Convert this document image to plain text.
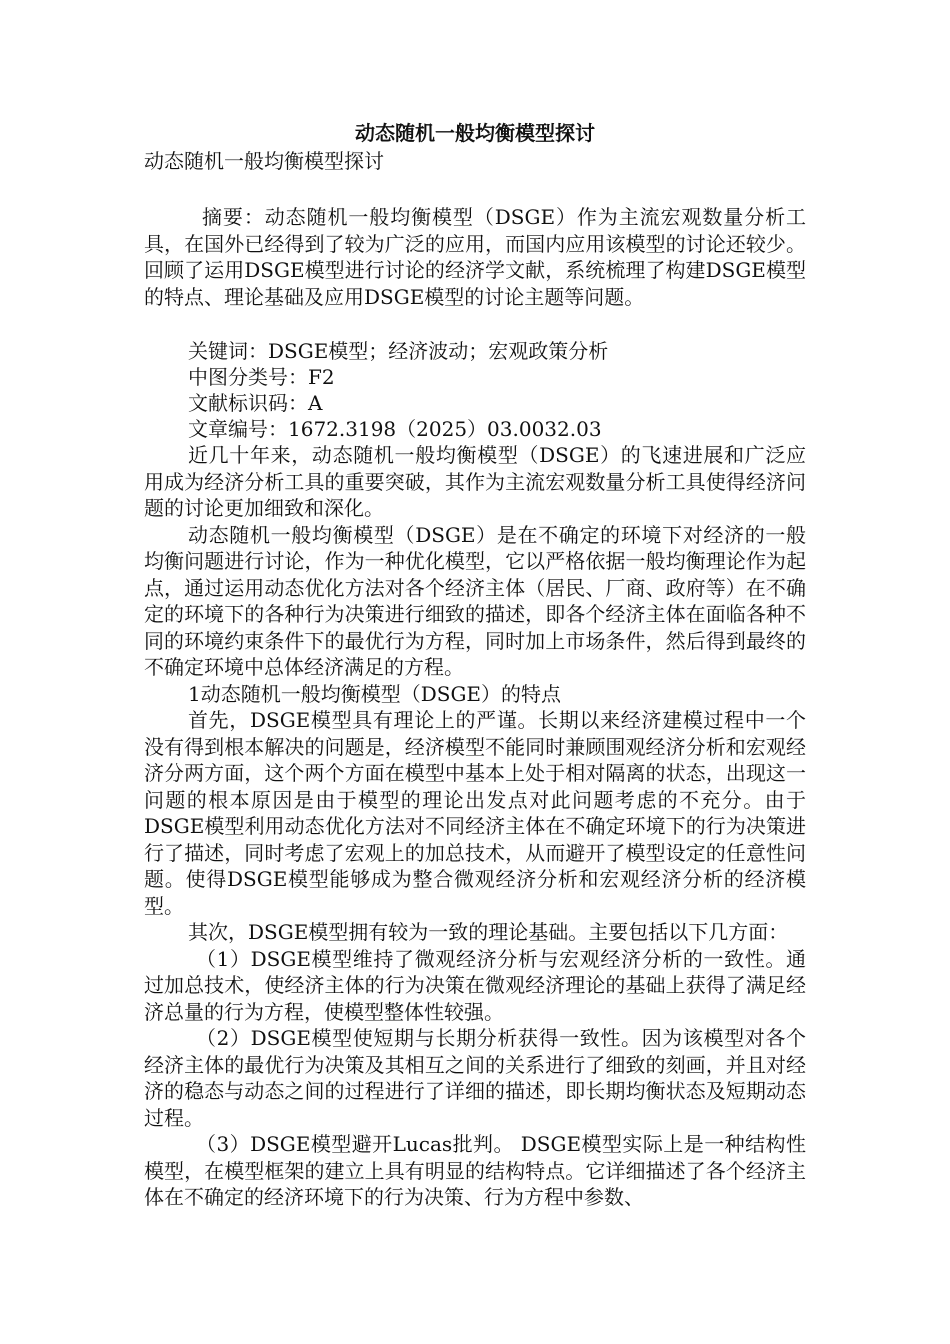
动态随机一般均衡模型探讨

动态随机一般均衡模型探讨

摘要：动态随机一般均衡模型（DSGE）作为主流宏观数量分析工具，在国外已经得到了较为广泛的应用，而国内应用该模型的讨论还较少。回顾了运用DSGE模型进行讨论的经济学文献，系统梳理了构建DSGE模型的特点、理论基础及应用DSGE模型的讨论主题等问题。

关键词：DSGE模型；经济波动；宏观政策分析

中图分类号：F2

文献标识码：A

文章编号：1672.3198（2025）03.0032.03

近几十年来，动态随机一般均衡模型（DSGE）的飞速进展和广泛应用成为经济分析工具的重要突破，其作为主流宏观数量分析工具使得经济问题的讨论更加细致和深化。

动态随机一般均衡模型（DSGE）是在不确定的环境下对经济的一般均衡问题进行讨论，作为一种优化模型，它以严格依据一般均衡理论作为起点，通过运用动态优化方法对各个经济主体（居民、厂商、政府等）在不确定的环境下的各种行为决策进行细致的描述，即各个经济主体在面临各种不同的环境约束条件下的最优行为方程，同时加上市场条件，然后得到最终的不确定环境中总体经济满足的方程。

1动态随机一般均衡模型（DSGE）的特点

首先，DSGE模型具有理论上的严谨。长期以来经济建模过程中一个没有得到根本解决的问题是，经济模型不能同时兼顾围观经济分析和宏观经济分两方面，这个两个方面在模型中基本上处于相对隔离的状态，出现这一问题的根本原因是由于模型的理论出发点对此问题考虑的不充分。由于DSGE模型利用动态优化方法对不同经济主体在不确定环境下的行为决策进行了描述，同时考虑了宏观上的加总技术，从而避开了模型设定的任意性问题。使得DSGE模型能够成为整合微观经济分析和宏观经济分析的经济模型。

其次，DSGE模型拥有较为一致的理论基础。主要包括以下几方面：

（1）DSGE模型维持了微观经济分析与宏观经济分析的一致性。通过加总技术，使经济主体的行为决策在微观经济理论的基础上获得了满足经济总量的行为方程，使模型整体性较强。

（2）DSGE模型使短期与长期分析获得一致性。因为该模型对各个经济主体的最优行为决策及其相互之间的关系进行了细致的刻画，并且对经济的稳态与动态之间的过程进行了详细的描述，即长期均衡状态及短期动态过程。

（3）DSGE模型避开Lucas批判。 DSGE模型实际上是一种结构性模型，在模型框架的建立上具有明显的结构特点。它详细描述了各个经济主体在不确定的经济环境下的行为决策、行为方程中参数、
